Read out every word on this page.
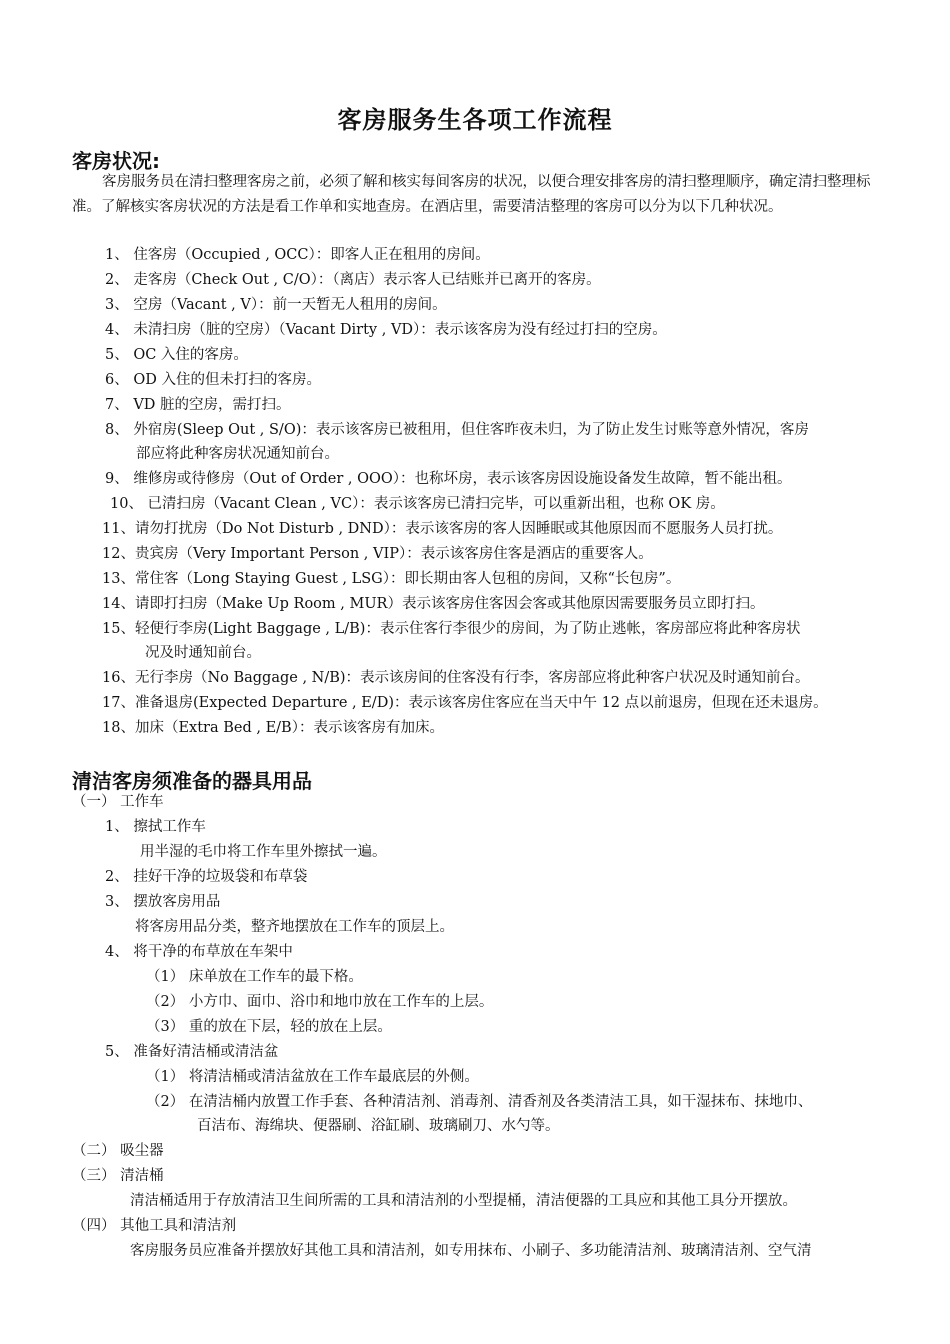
客房服务生各项工作流程
客房状况:
客房服务员在清扫整理客房之前，必须了解和核实每间客房的状况，以便合理安排客房的清扫整理顺序，确定清扫整理标准。了解核实客房状况的方法是看工作单和实地查房。在酒店里，需要清洁整理的客房可以分为以下几种状况。
1、 住客房（Occupied , OCC）：即客人正在租用的房间。
2、 走客房（Check Out , C/O）：（离店）表示客人已结账并已离开的客房。
3、 空房（Vacant , V）：前一天暂无人租用的房间。
4、 未清扫房（脏的空房）（Vacant Dirty , VD）：表示该客房为没有经过打扫的空房。
5、 OC 入住的客房。
6、 OD 入住的但未打扫的客房。
7、 VD 脏的空房，需打扫。
8、 外宿房(Sleep Out , S/O)：表示该客房已被租用，但住客昨夜未归，为了防止发生讨账等意外情况，客房
部应将此种客房状况通知前台。
9、 维修房或待修房（Out of Order , OOO）：也称坏房，表示该客房因设施设备发生故障，暂不能出租。
10、 已清扫房（Vacant Clean , VC）：表示该客房已清扫完毕，可以重新出租，也称 OK 房。
11、请勿打扰房（Do Not Disturb , DND）：表示该客房的客人因睡眠或其他原因而不愿服务人员打扰。
12、贵宾房（Very Important Person , VIP）：表示该客房住客是酒店的重要客人。
13、常住客（Long Staying Guest , LSG）：即长期由客人包租的房间，又称“长包房”。
14、请即打扫房（Make Up Room , MUR）表示该客房住客因会客或其他原因需要服务员立即打扫。
15、轻便行李房(Light Baggage , L/B)：表示住客行李很少的房间，为了防止逃帐，客房部应将此种客房状
况及时通知前台。
16、无行李房（No Baggage , N/B)：表示该房间的住客没有行李，客房部应将此种客户状况及时通知前台。
17、准备退房(Expected Departure , E/D)：表示该客房住客应在当天中午 12 点以前退房，但现在还未退房。
18、加床（Extra Bed , E/B）：表示该客房有加床。
清洁客房须准备的器具用品
（一） 工作车
1、 擦拭工作车
用半湿的毛巾将工作车里外擦拭一遍。
2、 挂好干净的垃圾袋和布草袋
3、 摆放客房用品
将客房用品分类，整齐地摆放在工作车的顶层上。
4、 将干净的布草放在车架中
（1） 床单放在工作车的最下格。
（2） 小方巾、面巾、浴巾和地巾放在工作车的上层。
（3） 重的放在下层，轻的放在上层。
5、 准备好清洁桶或清洁盆
（1） 将清洁桶或清洁盆放在工作车最底层的外侧。
（2） 在清洁桶内放置工作手套、各种清洁剂、消毒剂、清香剂及各类清洁工具，如干湿抹布、抹地巾、
百洁布、海绵块、便器刷、浴缸刷、玻璃刷刀、水勺等。
（二） 吸尘器
（三） 清洁桶
清洁桶适用于存放清洁卫生间所需的工具和清洁剂的小型提桶，清洁便器的工具应和其他工具分开摆放。
（四） 其他工具和清洁剂
客房服务员应准备并摆放好其他工具和清洁剂，如专用抹布、小刷子、多功能清洁剂、玻璃清洁剂、空气清
